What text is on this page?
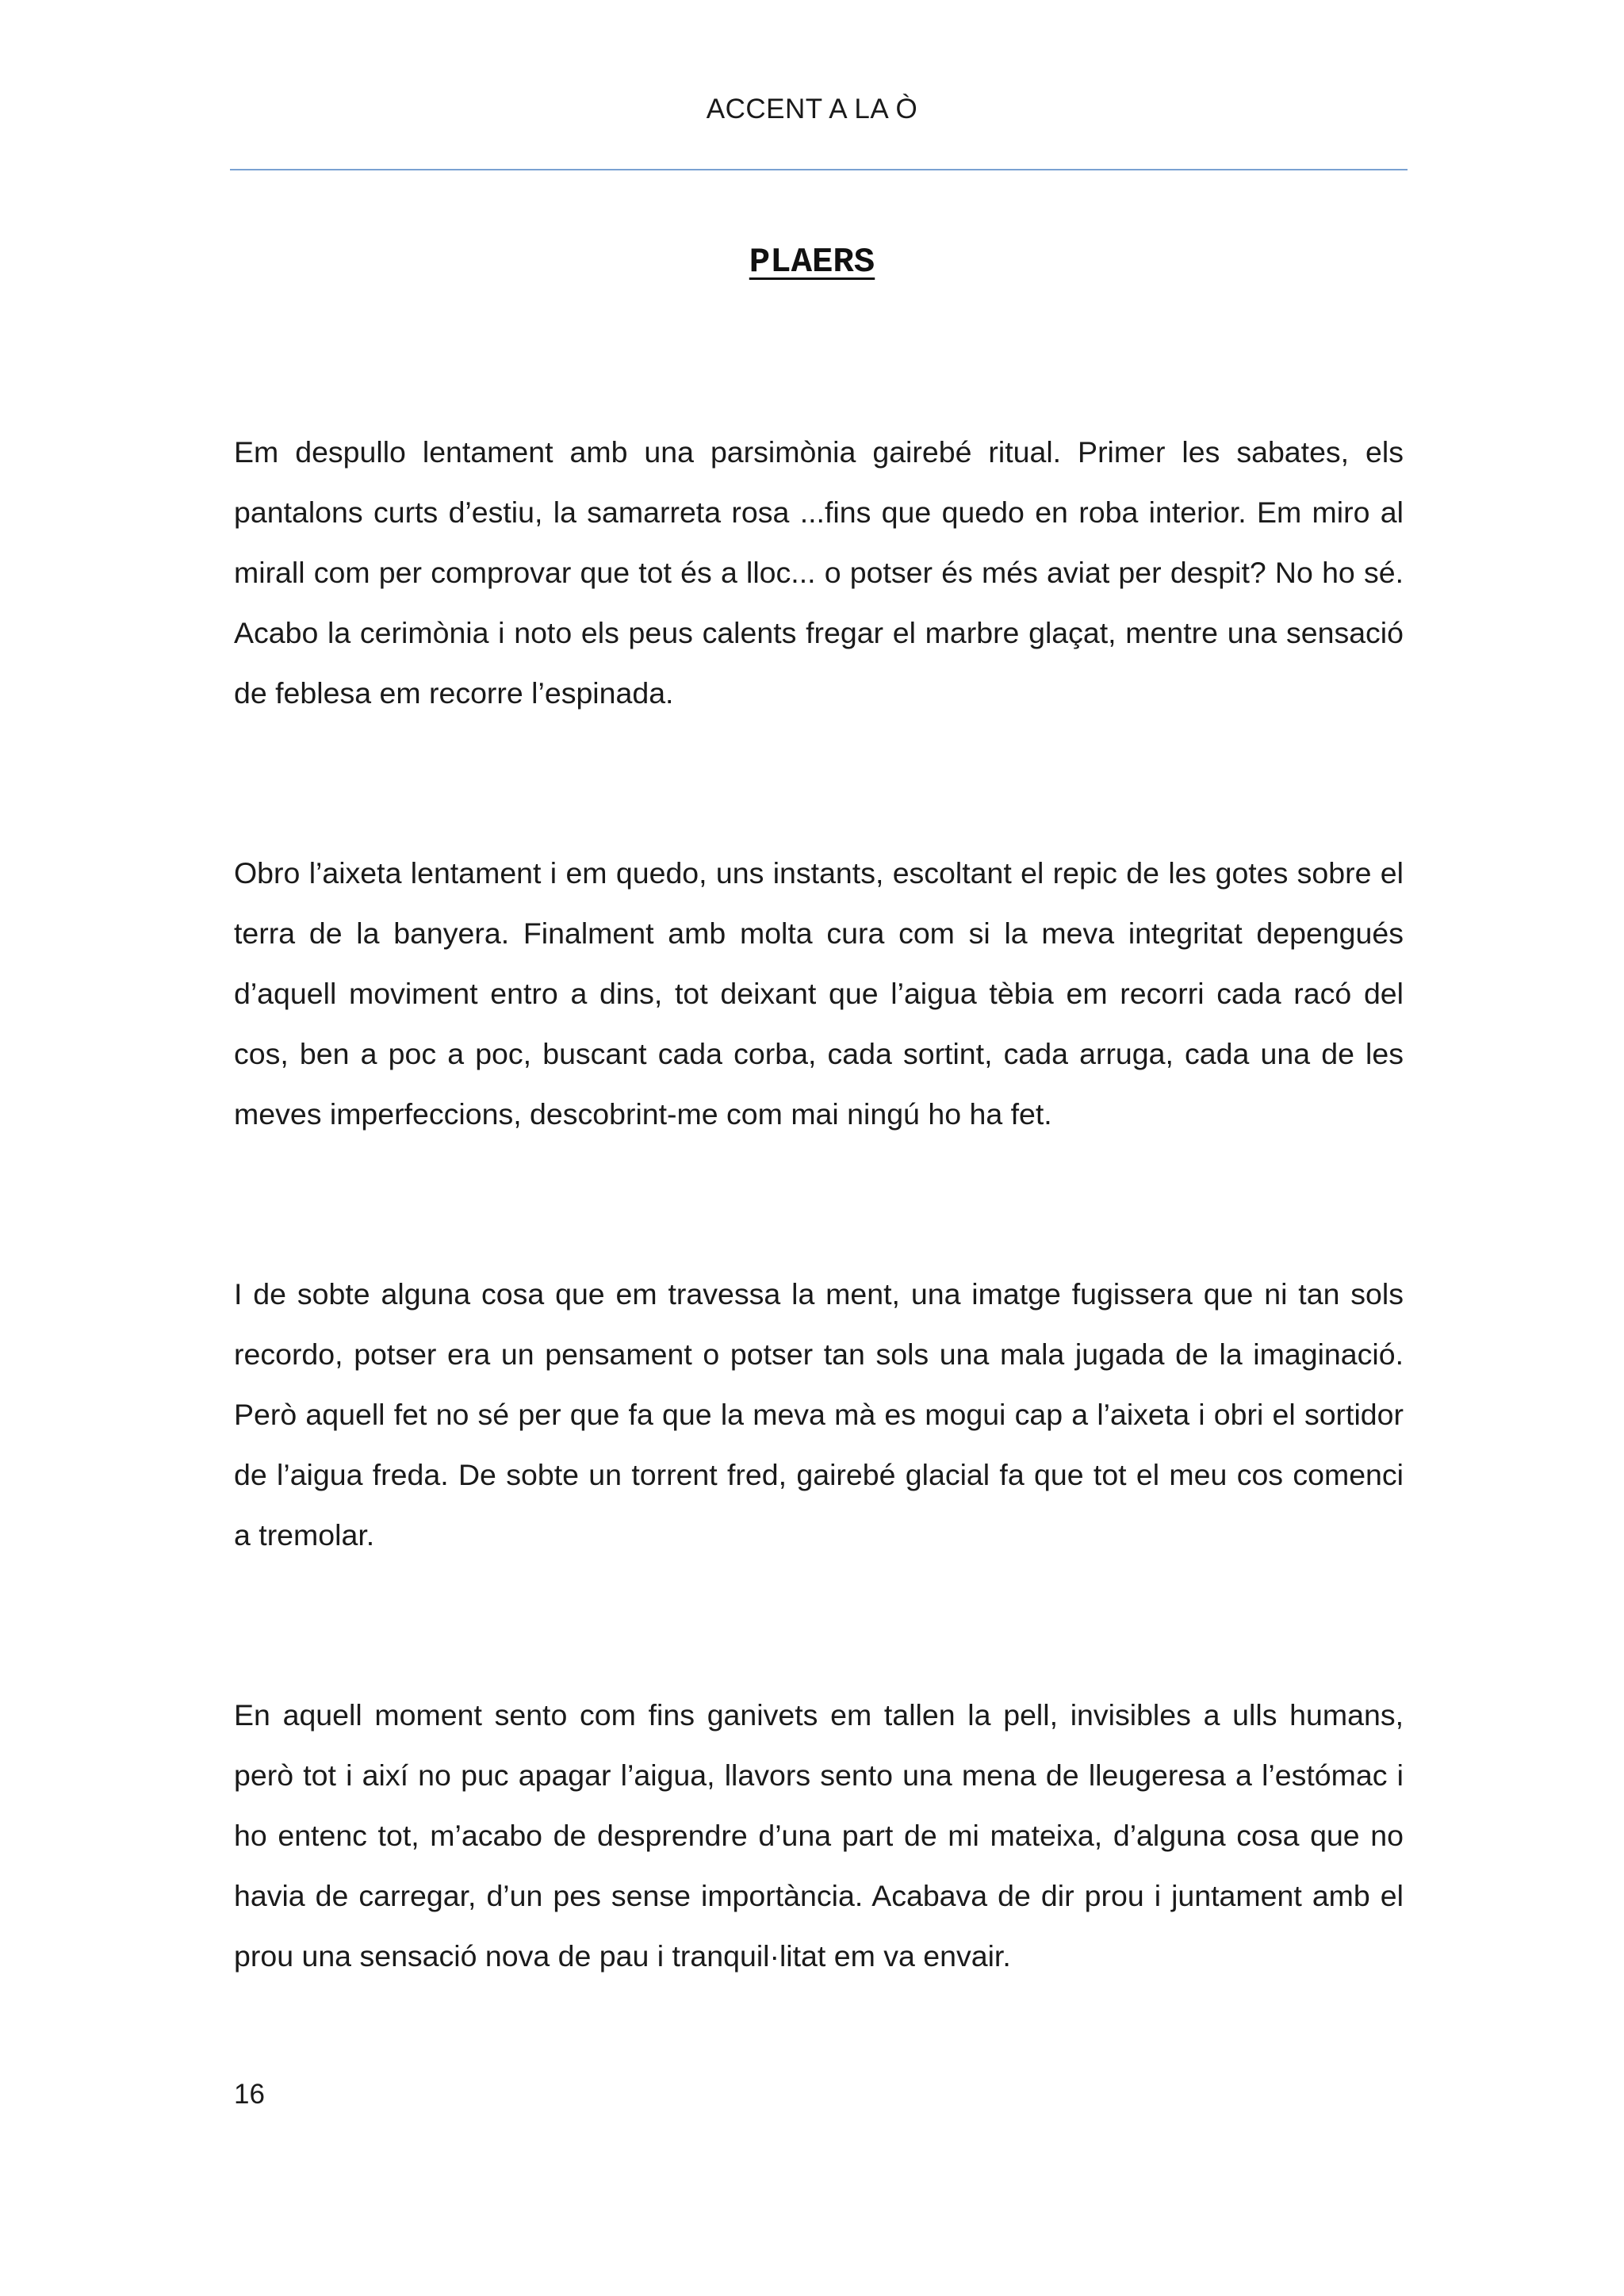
ACCENT A LA Ò
PLAERS

Em despullo lentament amb una parsimònia gairebé ritual. Primer les sabates, els pantalons curts d’estiu, la samarreta rosa ...fins que quedo en roba interior. Em miro al mirall com per comprovar que tot és a lloc... o potser és més aviat per despit? No ho sé. Acabo la cerimònia i noto els peus calents fregar el marbre glaçat, mentre una sensació de feblesa em recorre l’espinada.

Obro l’aixeta lentament i em quedo, uns instants, escoltant el repic de les gotes sobre el terra de la banyera. Finalment amb molta cura com si la meva integritat depengués d’aquell moviment entro a dins, tot deixant que l’aigua tèbia em recorri cada racó del cos, ben a poc a poc, buscant cada corba, cada sortint, cada arruga, cada una de les meves imperfeccions, descobrint-me com mai ningú ho ha fet.

I de sobte alguna cosa que em travessa la ment, una imatge fugissera que ni tan sols recordo, potser era un pensament o potser tan sols una mala jugada de la imaginació. Però aquell fet no sé per que fa que la meva mà es mogui cap a l’aixeta i obri el sortidor de l’aigua freda. De sobte un torrent fred, gairebé glacial fa que tot el meu cos comenci a tremolar.

En aquell moment sento com fins ganivets em tallen la pell, invisibles a ulls humans, però tot i així no puc apagar l’aigua, llavors sento una mena de lleugeresa a l’estómac i ho entenc tot, m’acabo de desprendre d’una part de mi mateixa, d’alguna cosa que no havia de carregar, d’un pes sense importància. Acabava de dir prou i juntament amb el prou una sensació nova de pau i tranquil·litat em va envair.

16
